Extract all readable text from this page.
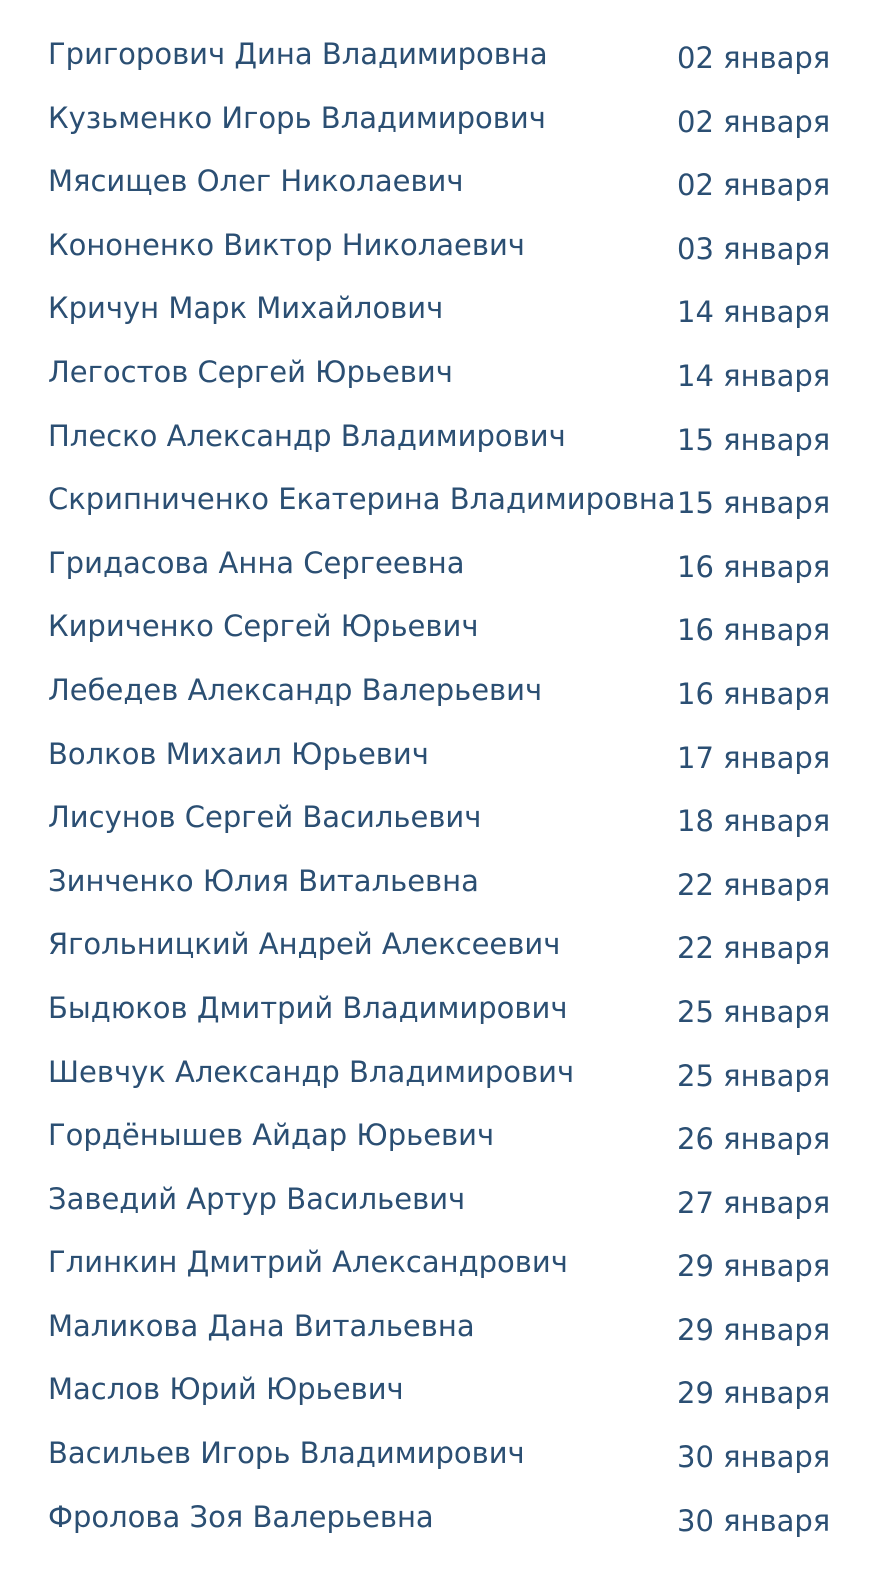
Григорович Дина Владимировна	02 января
Кузьменко Игорь Владимирович	02 января
Мясищев Олег Николаевич	02 января
Кононенко Виктор Николаевич	03 января
Кричун Марк Михайлович	14 января
Легостов Сергей Юрьевич	14 января
Плеско Александр Владимирович	15 января
Скрипниченко Екатерина Владимировна 15 января
Гридасова Анна Сергеевна	16 января
Кириченко Сергей Юрьевич	16 января
Лебедев Александр Валерьевич	16 января
Волков Михаил Юрьевич	17 января
Лисунов Сергей Васильевич	18 января
Зинченко Юлия Витальевна	22 января
Ягольницкий Андрей Алексеевич	22 января
Быдюков Дмитрий Владимирович	25 января
Шевчук Александр Владимирович	25 января
Гордёнышев Айдар Юрьевич	26 января
Заведий Артур Васильевич	27 января
Глинкин Дмитрий Александрович	29 января
Маликова Дана Витальевна	29 января
Маслов Юрий Юрьевич	29 января
Васильев Игорь Владимирович	30 января
Фролова Зоя Валерьевна	30 января
